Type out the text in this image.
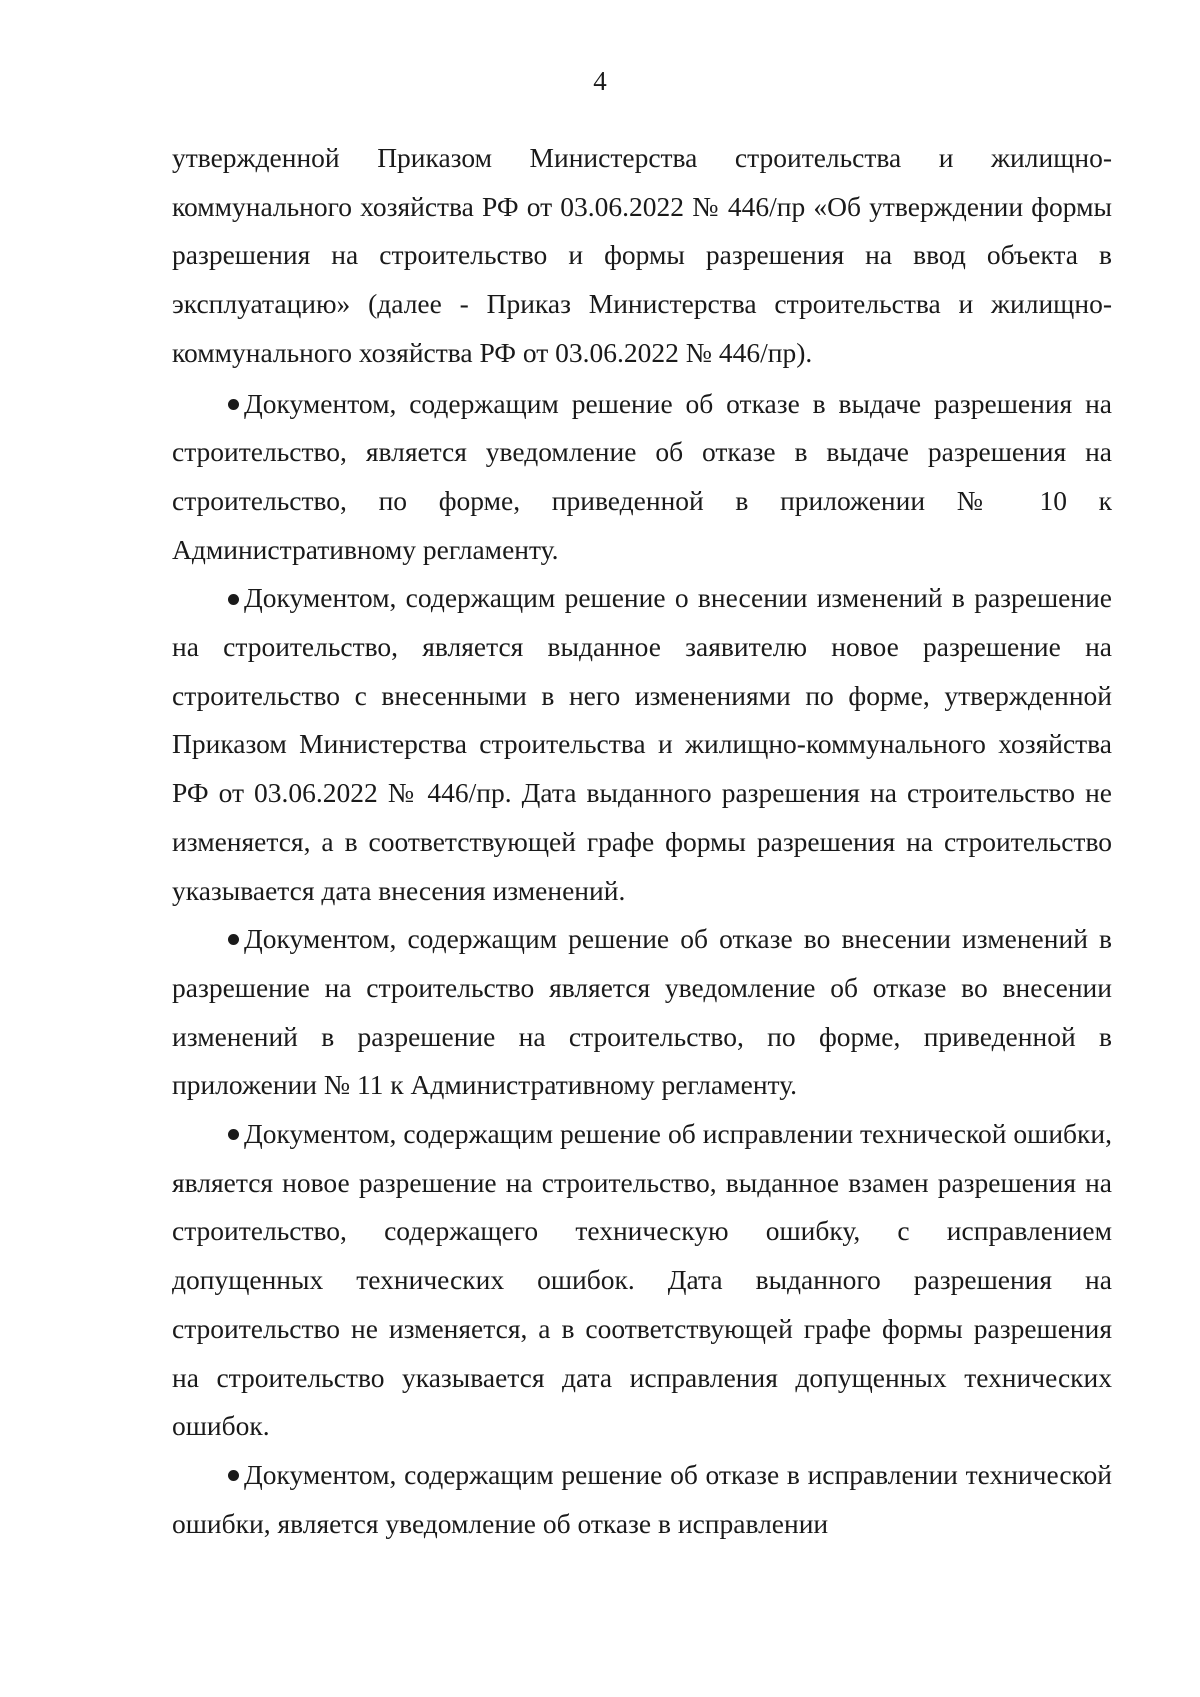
4

утвержденной Приказом Министерства строительства и жилищно-коммунального хозяйства РФ от 03.06.2022 № 446/пр «Об утверждении формы разрешения на строительство и формы разрешения на ввод объекта в эксплуатацию» (далее - Приказ Министерства строительства и жилищно-коммунального хозяйства РФ от 03.06.2022 № 446/пр).

Документом, содержащим решение об отказе в выдаче разрешения на строительство, является уведомление об отказе в выдаче разрешения на строительство, по форме, приведенной в приложении № 10 к Административному регламенту.

Документом, содержащим решение о внесении изменений в разрешение на строительство, является выданное заявителю новое разрешение на строительство с внесенными в него изменениями по форме, утвержденной Приказом Министерства строительства и жилищно-коммунального хозяйства РФ от 03.06.2022 № 446/пр. Дата выданного разрешения на строительство не изменяется, а в соответствующей графе формы разрешения на строительство указывается дата внесения изменений.

Документом, содержащим решение об отказе во внесении изменений в разрешение на строительство является уведомление об отказе во внесении изменений в разрешение на строительство, по форме, приведенной в приложении № 11 к Административному регламенту.

Документом, содержащим решение об исправлении технической ошибки, является новое разрешение на строительство, выданное взамен разрешения на строительство, содержащего техническую ошибку, с исправлением допущенных технических ошибок. Дата выданного разрешения на строительство не изменяется, а в соответствующей графе формы разрешения на строительство указывается дата исправления допущенных технических ошибок.

Документом, содержащим решение об отказе в исправлении технической ошибки, является уведомление об отказе в исправлении
